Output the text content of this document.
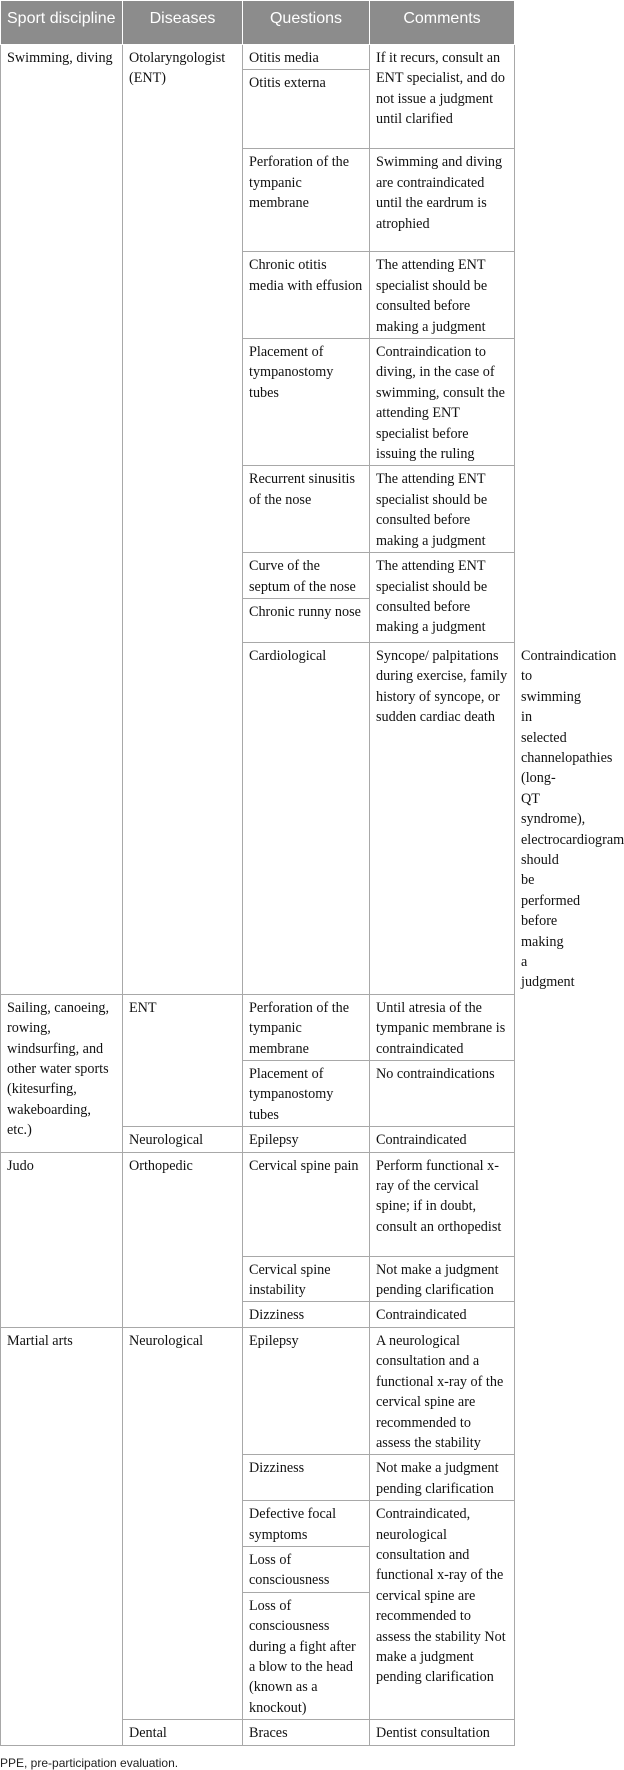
Sport discipline	Diseases	Questions	Comments	
Swimming, diving	Otolaryngologist (ENT)	Otitis media	If it recurs, consult an ENT specialist, and do not issue a judgment until clarified	
		Otitis externa		
		Perforation of the tympanic membrane	Swimming and diving are contraindicated until the eardrum is atrophied	
		Chronic otitis media with effusion	The attending ENT specialist should be consulted before making a judgment	
		Placement of tympanostomy tubes	Contraindication to diving, in the case of swimming, consult the attending ENT specialist before issuing the ruling	
		Recurrent sinusitis of the nose	The attending ENT specialist should be consulted before making a judgment	
		Curve of the septum of the nose	The attending ENT specialist should be consulted before making a judgment	
		Chronic runny nose		
		Cardiological	Syncope/ palpitations during exercise, family history of syncope, or sudden cardiac death	Contraindication to swimming in selected channelopathies (long-QT syndrome), electrocardiogram should be performed before making a judgment
Sailing, canoeing, rowing, windsurfing, and other water sports (kitesurfing, wakeboarding, etc.)	ENT	Perforation of the tympanic membrane	Until atresia of the tympanic membrane is contraindicated
		Placement of tympanostomy tubes	No contraindications
	Neurological	Epilepsy	Contraindicated
Judo	Orthopedic	Cervical spine pain	Perform functional x-ray of the cervical spine; if in doubt, consult an orthopedist
		Cervical spine instability	Not make a judgment pending clarification
		Dizziness	Contraindicated
Martial arts	Neurological	Epilepsy	A neurological consultation and a functional x-ray of the cervical spine are recommended to assess the stability
		Dizziness	Not make a judgment pending clarification
		Defective focal symptoms	Contraindicated, neurological consultation and functional x-ray of the cervical spine are recommended to assess the stability Not make a judgment pending clarification
		Loss of consciousness	
		Loss of consciousness during a fight after a blow to the head (known as a knockout)	
	Dental	Braces	Dentist consultation
PPE, pre-participation evaluation.
